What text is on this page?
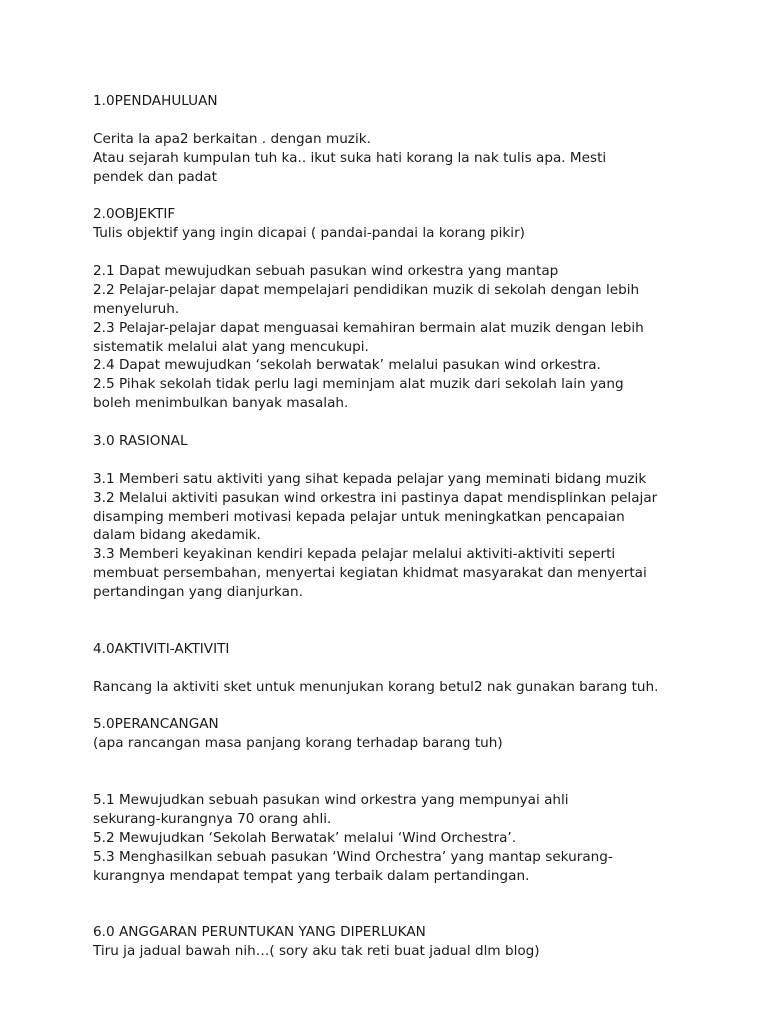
1.0PENDAHULUAN
Cerita la apa2 berkaitan . dengan muzik.
Atau sejarah kumpulan tuh ka.. ikut suka hati korang la nak tulis apa. Mesti
pendek dan padat
2.0OBJEKTIF
Tulis objektif yang ingin dicapai ( pandai-pandai la korang pikir)
2.1 Dapat mewujudkan sebuah pasukan wind orkestra yang mantap
2.2 Pelajar-pelajar dapat mempelajari pendidikan muzik di sekolah dengan lebih
menyeluruh.
2.3 Pelajar-pelajar dapat menguasai kemahiran bermain alat muzik dengan lebih
sistematik melalui alat yang mencukupi.
2.4 Dapat mewujudkan ‘sekolah berwatak’ melalui pasukan wind orkestra.
2.5 Pihak sekolah tidak perlu lagi meminjam alat muzik dari sekolah lain yang
boleh menimbulkan banyak masalah.
3.0 RASIONAL
3.1 Memberi satu aktiviti yang sihat kepada pelajar yang meminati bidang muzik
3.2 Melalui aktiviti pasukan wind orkestra ini pastinya dapat mendisplinkan pelajar
disamping memberi motivasi kepada pelajar untuk meningkatkan pencapaian
dalam bidang akedamik.
3.3 Memberi keyakinan kendiri kepada pelajar melalui aktiviti-aktiviti seperti
membuat persembahan, menyertai kegiatan khidmat masyarakat dan menyertai
pertandingan yang dianjurkan.
4.0AKTIVITI-AKTIVITI
Rancang la aktiviti sket untuk menunjukan korang betul2 nak gunakan barang tuh.
5.0PERANCANGAN
(apa rancangan masa panjang korang terhadap barang tuh)
5.1 Mewujudkan sebuah pasukan wind orkestra yang mempunyai ahli
sekurang-kurangnya 70 orang ahli.
5.2 Mewujudkan ‘Sekolah Berwatak’ melalui ‘Wind Orchestra’.
5.3 Menghasilkan sebuah pasukan ‘Wind Orchestra’ yang mantap sekurang-
kurangnya mendapat tempat yang terbaik dalam pertandingan.
6.0 ANGGARAN PERUNTUKAN YANG DIPERLUKAN
Tiru ja jadual bawah nih…( sory aku tak reti buat jadual dlm blog)
